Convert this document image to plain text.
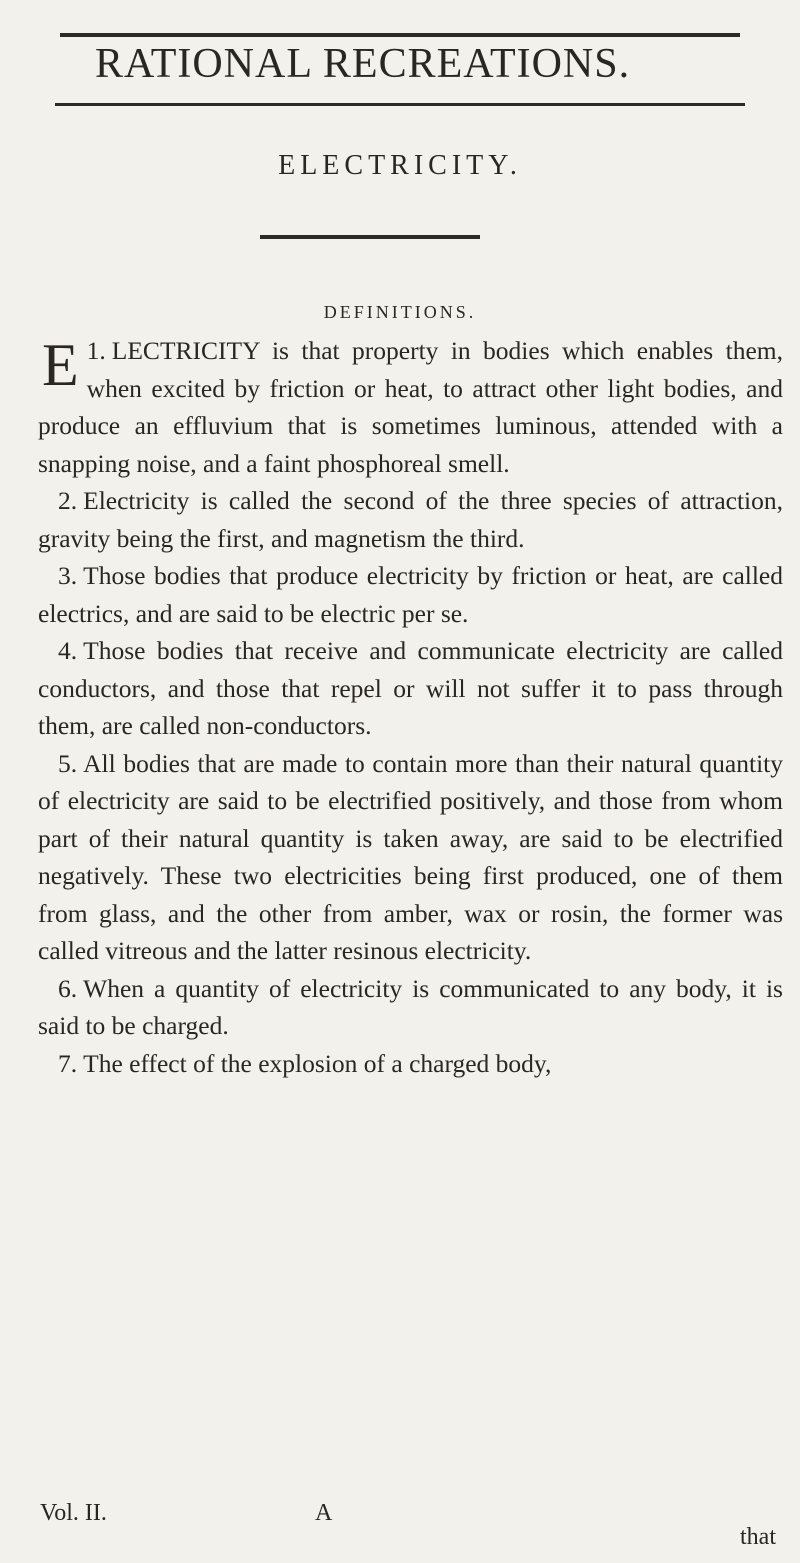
RATIONAL RECREATIONS.
ELECTRICITY.
DEFINITIONS.

1.
E LECTRICITY is that property in bodies which enables them, when excited by friction or heat, to attract other light bodies, and produce an effluvium that is sometimes luminous, attended with a snapping noise, and a faint phosphoreal smell.

2. Electricity is called the second of the three species of attraction, gravity being the first, and magnetism the third.

3. Those bodies that produce electricity by friction or heat, are called electrics, and are said to be electric per se.

4. Those bodies that receive and communicate electricity are called conductors, and those that repel or will not suffer it to pass through them, are called non-conductors.

5. All bodies that are made to contain more than their natural quantity of electricity are said to be electrified positively, and those from whom part of their natural quantity is taken away, are said to be electrified negatively. These two electricities being first produced, one of them from glass, and the other from amber, wax or rosin, the former was called vitreous and the latter resinous electricity.

6. When a quantity of electricity is communicated to any body, it is said to be charged.

7. The effect of the explosion of a charged body,

Vol. II.	A
that
